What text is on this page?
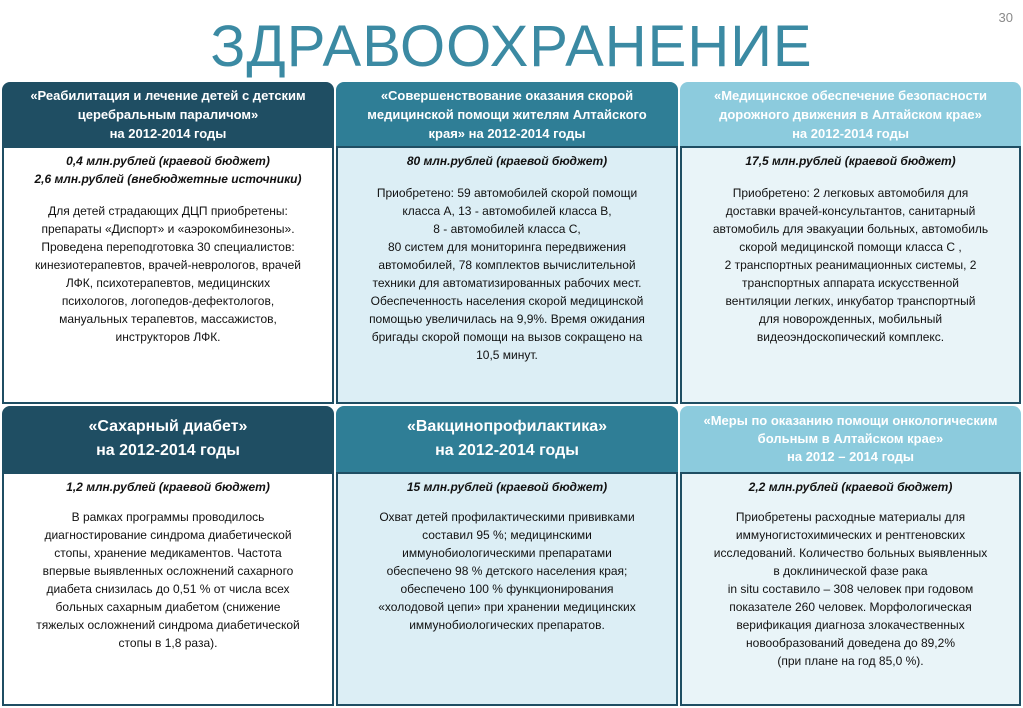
ЗДРАВООХРАНЕНИЕ	30
«Реабилитация и лечение детей с детским
церебральным параличом»
на 2012-2014 годы
0,4 млн.рублей (краевой бюджет)
2,6 млн.рублей (внебюджетные источники)
Для детей страдающих ДЦП приобретены:
препараты «Диспорт» и «аэрокомбинезоны».
Проведена переподготовка 30 специалистов:
кинезиотерапевтов, врачей-неврологов, врачей
ЛФК, психотерапевтов, медицинских
психологов, логопедов-дефектологов,
мануальных терапевтов, массажистов,
инструкторов ЛФК.
«Совершенствование оказания скорой
медицинской помощи жителям Алтайского
края» на 2012-2014 годы
80 млн.рублей (краевой бюджет)
Приобретено: 59 автомобилей скорой помощи
класса А, 13 - автомобилей класса В,
8 - автомобилей класса С,
80 систем для мониторинга передвижения
автомобилей, 78 комплектов вычислительной
техники для автоматизированных рабочих мест.
Обеспеченность населения скорой медицинской
помощью увеличилась на 9,9%. Время ожидания
бригады скорой помощи на вызов сокращено на
10,5 минут.
«Медицинское обеспечение безопасности
дорожного движения в Алтайском крае»
на 2012-2014 годы
17,5 млн.рублей (краевой бюджет)
Приобретено: 2 легковых автомобиля для
доставки врачей-консультантов, санитарный
автомобиль для эвакуации больных, автомобиль
скорой медицинской помощи класса С ,
2 транспортных реанимационных системы, 2
транспортных аппарата искусственной
вентиляции легких, инкубатор транспортный
для новорожденных, мобильный
видеоэндоскопический комплекс.
«Сахарный диабет»
на 2012-2014 годы
1,2 млн.рублей (краевой бюджет)
В рамках программы проводилось
диагностирование синдрома диабетической
стопы, хранение медикаментов. Частота
впервые выявленных осложнений сахарного
диабета снизилась до 0,51 % от числа всех
больных сахарным диабетом (снижение
тяжелых осложнений синдрома диабетической
стопы в 1,8 раза).
«Вакцинопрофилактика»
на 2012-2014 годы
15 млн.рублей (краевой бюджет)
Охват детей профилактическими прививками
составил 95 %; медицинскими
иммунобиологическими препаратами
обеспечено 98 % детского населения края;
обеспечено 100 % функционирования
«холодовой цепи» при хранении медицинских
иммунобиологических препаратов.
«Меры по оказанию помощи онкологическим
больным в Алтайском крае»
на 2012 – 2014 годы
2,2 млн.рублей (краевой бюджет)
Приобретены расходные материалы для
иммуногистохимических и рентгеновских
исследований. Количество больных выявленных
в доклинической фазе рака
in situ составило – 308 человек при годовом
показателе 260 человек. Морфологическая
верификация диагноза злокачественных
новообразований доведена до 89,2%
(при плане на год 85,0 %).
